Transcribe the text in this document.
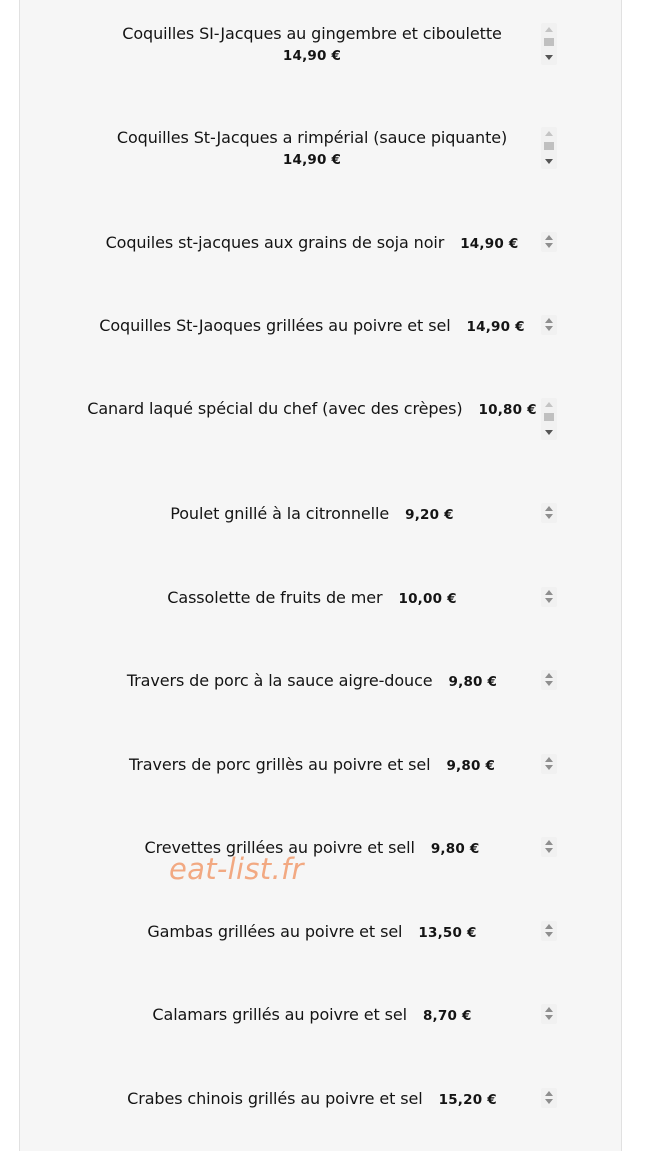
Coquilles SI-Jacques au gingembre et ciboulette
14,90 €
Coquilles St-Jacques a rimpérial (sauce piquante)
14,90 €
Coquiles st-jacques aux grains de soja noir 14,90 €
Coquilles St-Jaoques grillées au poivre et sel 14,90 €
Canard laqué spécial du chef (avec des crèpes) 10,80 €
Poulet gnillé à la citronnelle 9,20 €
Cassolette de fruits de mer 10,00 €
Travers de porc à la sauce aigre-douce 9,80 €
Travers de porc grillès au poivre et sel 9,80 €
Crevettes grillées au poivre et sell 9,80 €
Gambas grillées au poivre et sel 13,50 €
Calamars grillés au poivre et sel 8,70 €
Crabes chinois grillés au poivre et sel 15,20 €
eat-list.fr
